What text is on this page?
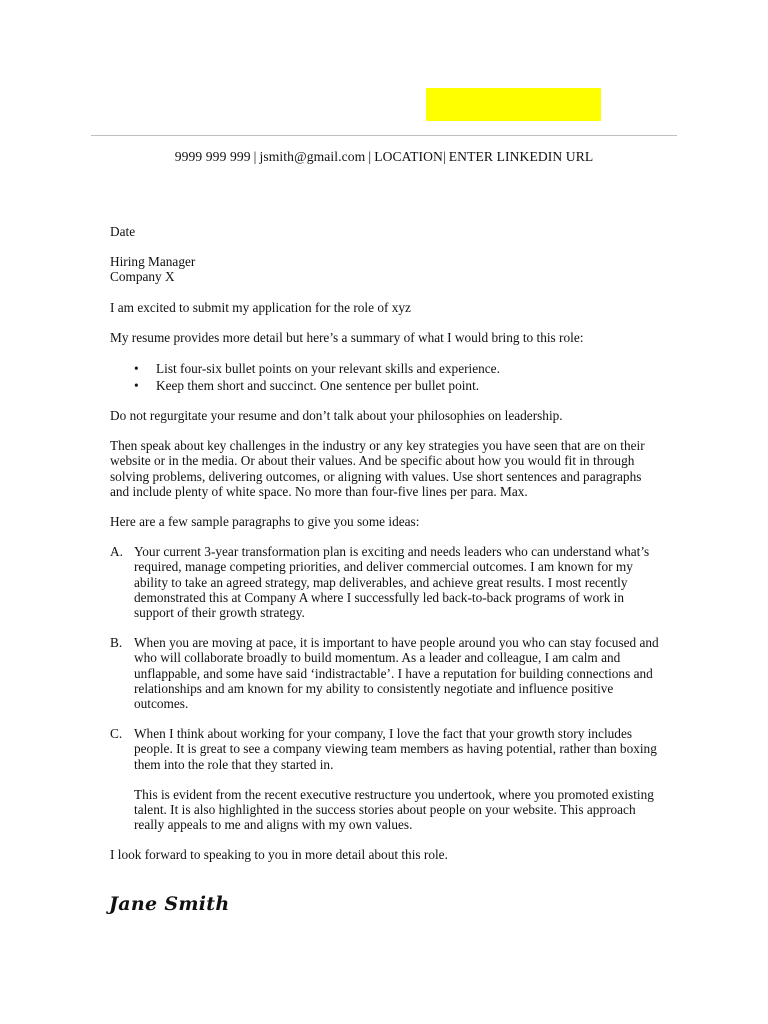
9999 999 999 | jsmith@gmail.com | LOCATION| ENTER LINKEDIN URL

Date

Hiring Manager

Company X

I am excited to submit my application for the role of xyz

My resume provides more detail but here’s a summary of what I would bring to this role:

• List four-six bullet points on your relevant skills and experience.
• Keep them short and succinct. One sentence per bullet point.

Do not regurgitate your resume and don’t talk about your philosophies on leadership.

Then speak about key challenges in the industry or any key strategies you have seen that are on their website or in the media. Or about their values. And be specific about how you would fit in through solving problems, delivering outcomes, or aligning with values. Use short sentences and paragraphs and include plenty of white space. No more than four-five lines per para. Max.

Here are a few sample paragraphs to give you some ideas:

A. Your current 3-year transformation plan is exciting and needs leaders who can understand what’s required, manage competing priorities, and deliver commercial outcomes. I am known for my ability to take an agreed strategy, map deliverables, and achieve great results. I most recently demonstrated this at Company A where I successfully led back-to-back programs of work in support of their growth strategy.
B. When you are moving at pace, it is important to have people around you who can stay focused and who will collaborate broadly to build momentum. As a leader and colleague, I am calm and unflappable, and some have said ‘indistractable’. I have a reputation for building connections and relationships and am known for my ability to consistently negotiate and influence positive outcomes.
C. When I think about working for your company, I love the fact that your growth story includes people. It is great to see a company viewing team members as having potential, rather than boxing them into the role that they started in.
This is evident from the recent executive restructure you undertook, where you promoted existing talent. It is also highlighted in the success stories about people on your website. This approach really appeals to me and aligns with my own values.

I look forward to speaking to you in more detail about this role.

Jane Smith
